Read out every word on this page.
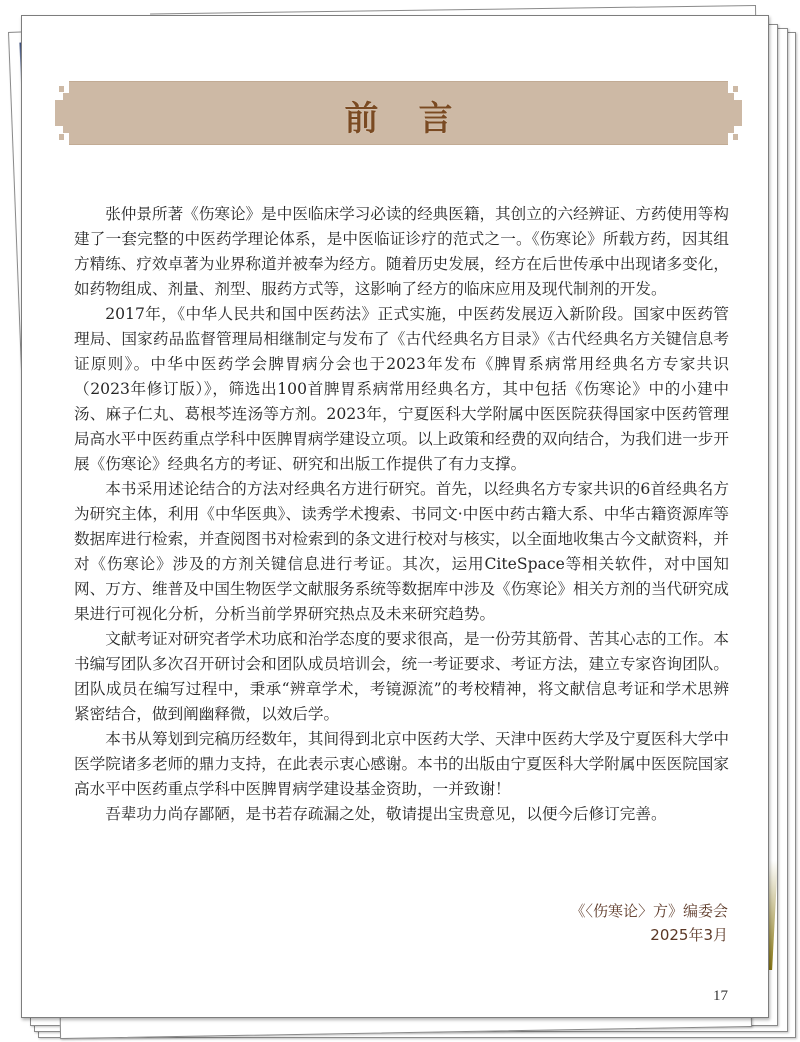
前言

张仲景所著《伤寒论》是中医临床学习必读的经典医籍，其创立的六经辨证、方药使用等构建了一套完整的中医药学理论体系，是中医临证诊疗的范式之一。《伤寒论》所载方药，因其组方精练、疗效卓著为业界称道并被奉为经方。随着历史发展，经方在后世传承中出现诸多变化，如药物组成、剂量、剂型、服药方式等，这影响了经方的临床应用及现代制剂的开发。

2017年，《中华人民共和国中医药法》正式实施，中医药发展迈入新阶段。国家中医药管理局、国家药品监督管理局相继制定与发布了《古代经典名方目录》《古代经典名方关键信息考证原则》。中华中医药学会脾胃病分会也于2023年发布《脾胃系病常用经典名方专家共识（2023年修订版）》，筛选出100首脾胃系病常用经典名方，其中包括《伤寒论》中的小建中汤、麻子仁丸、葛根芩连汤等方剂。2023年，宁夏医科大学附属中医医院获得国家中医药管理局高水平中医药重点学科中医脾胃病学建设立项。以上政策和经费的双向结合，为我们进一步开展《伤寒论》经典名方的考证、研究和出版工作提供了有力支撑。

本书采用述论结合的方法对经典名方进行研究。首先，以经典名方专家共识的6首经典名方为研究主体，利用《中华医典》、读秀学术搜索、书同文·中医中药古籍大系、中华古籍资源库等数据库进行检索，并查阅图书对检索到的条文进行校对与核实，以全面地收集古今文献资料，并对《伤寒论》涉及的方剂关键信息进行考证。其次，运用CiteSpace等相关软件，对中国知网、万方、维普及中国生物医学文献服务系统等数据库中涉及《伤寒论》相关方剂的当代研究成果进行可视化分析，分析当前学界研究热点及未来研究趋势。

文献考证对研究者学术功底和治学态度的要求很高，是一份劳其筋骨、苦其心志的工作。本书编写团队多次召开研讨会和团队成员培训会，统一考证要求、考证方法，建立专家咨询团队。团队成员在编写过程中，秉承“辨章学术，考镜源流”的考校精神，将文献信息考证和学术思辨紧密结合，做到阐幽释微，以效后学。

本书从筹划到完稿历经数年，其间得到北京中医药大学、天津中医药大学及宁夏医科大学中医学院诸多老师的鼎力支持，在此表示衷心感谢。本书的出版由宁夏医科大学附属中医医院国家高水平中医药重点学科中医脾胃病学建设基金资助，一并致谢！

吾辈功力尚存鄙陋，是书若存疏漏之处，敬请提出宝贵意见，以便今后修订完善。

《〈伤寒论〉方》编委会
2025年3月
17
